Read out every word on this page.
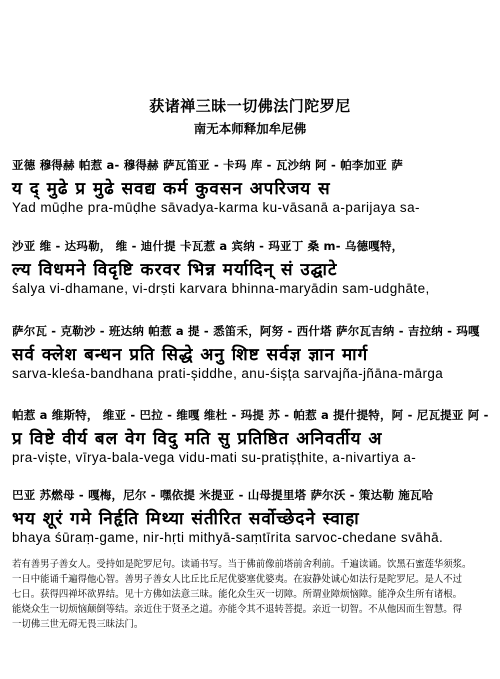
获诸禅三昧一切佛法门陀罗尼
南无本师释加牟尼佛
亚德 穆得赫 帕惹 a- 穆得赫 萨瓦笛亚 - 卡玛 库 - 瓦沙纳 阿 - 帕李加亚 萨
य द् मुढे प्र मुढे सवद्य कर्म कुवसन अपरिजय स
Yad mūḍhe pra-mūḍhe sāvadya-karma ku-vāsanā a-parijaya sa-
沙亚 维 - 达玛勒， 维 - 迪什提 卡瓦惹 a 宾纳 - 玛亚丁 桑 m- 乌德嘎特，
ल्य विधमने विदृष्टि करवर भिन्न मर्यादिन् सं उद्घाटे
śalya vi-dhamane, vi-drṣti karvara bhinna-maryādin sam-udghāte,
萨尔瓦 - 克勒沙 - 班达纳 帕惹 a 提 - 悉笛禾，阿努 - 西什塔 萨尔瓦吉纳 - 吉拉纳 - 玛嘎
सर्व क्लेश बन्धन प्रति सिद्धे अनु शिष्ट सर्वज्ञ ज्ञान मार्ग
sarva-kleśa-bandhana prati-șiddhe, anu-śișța sarvajña-jñāna-mārga
帕惹 a 维斯特， 维亚 - 巴拉 - 维嘎 维杜 - 玛提 苏 - 帕惹 a 提什提特，阿 - 尼瓦提亚 阿 -
प्र विष्टे वीर्य बल वेग विदु मति सु प्रतिष्ठित अनिवर्तीय अ
pra-viște, vīrya-bala-vega vidu-mati su-pratișțhite, a-nivartiya a-
巴亚 苏燃母 - 嘎梅，尼尔 - 嘿依提 米提亚 - 山母提里塔 萨尔沃 - 策达勒 施瓦哈
भय शूरं गमे निर्हृति मिथ्या संतीरित सर्वोच्छेदने स्वाहा
bhaya śūraṃ-game, nir-hṛti mithyā-saṃtīrita sarvoc-chedane svāhā.

若有善男子善女人。受持如是陀罗尼句。读诵书写。当于佛前像前塔前舍利前。千遍读诵。饮黑石蜜莲华须浆。

一日中能诵千遍得他心智。善男子善女人比丘比丘尼优婆塞优婆夷。在寂静处诚心如法行是陀罗尼。是人不过

七日。获得四禅坏欲界结。见十方佛如法意三昧。能化众生灭一切障。所谓业障烦恼障。能净众生所有诸根。

能烧众生一切烦恼颠倒等结。亲近住于贤圣之道。亦能令其不退转菩提。亲近一切智。不从他因而生智慧。得

一切佛三世无碍无畏三昧法门。
